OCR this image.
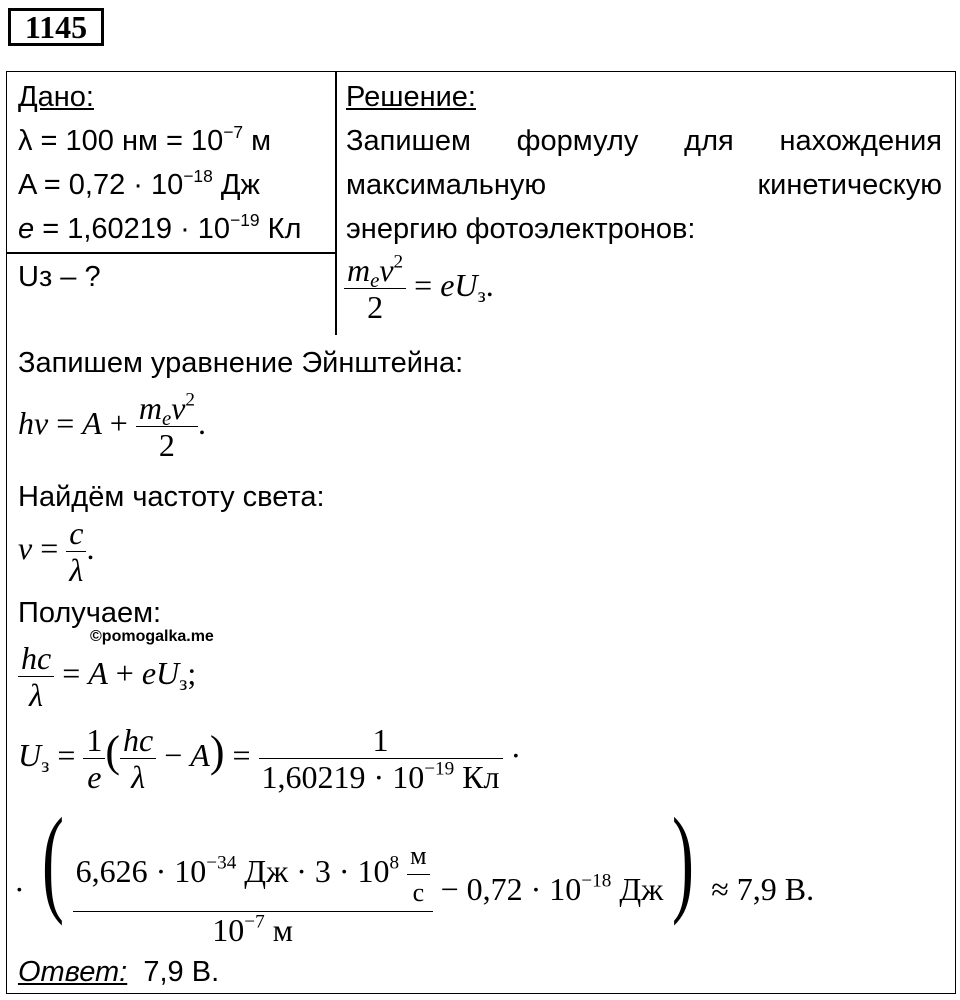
1145
Дано:
λ = 100 нм = $10^{-7}$ м
$A = 0,72 \cdot 10^{-18}$ Дж
$e = 1,60219 \cdot 10^{-19}$ Кл
Uз – ?
Решение:
Запишем формулу для нахождения
максимальную кинетическую
энергию фотоэлектронов:
$\frac{m_ev^2}{2} = eU_з$.
Запишем уравнение Эйнштейна:
$h\nu = A + \frac{m_ev^2}{2}$ .
Найдём частоту света:
$\nu = \frac{c}{\lambda}$ .
Получаем:
©pomogalka.me
$\frac{hc}{\lambda} = A + eU_з$;
$U_з = \frac{1}{e}$ ( $\frac{hc}{\lambda} - A) = \frac{1}{1,60219 \cdot 10^{-19} Кл}$ ·
· ( $\frac{6,626 \cdot 10^{-34} Дж \cdot 3 \cdot 10^8 \frac{м}{с}}{10^{-7} м} - 0,72 \cdot 10^{-18}$ Дж) ≈ 7,9 В.
Ответ: 7,9 В.
